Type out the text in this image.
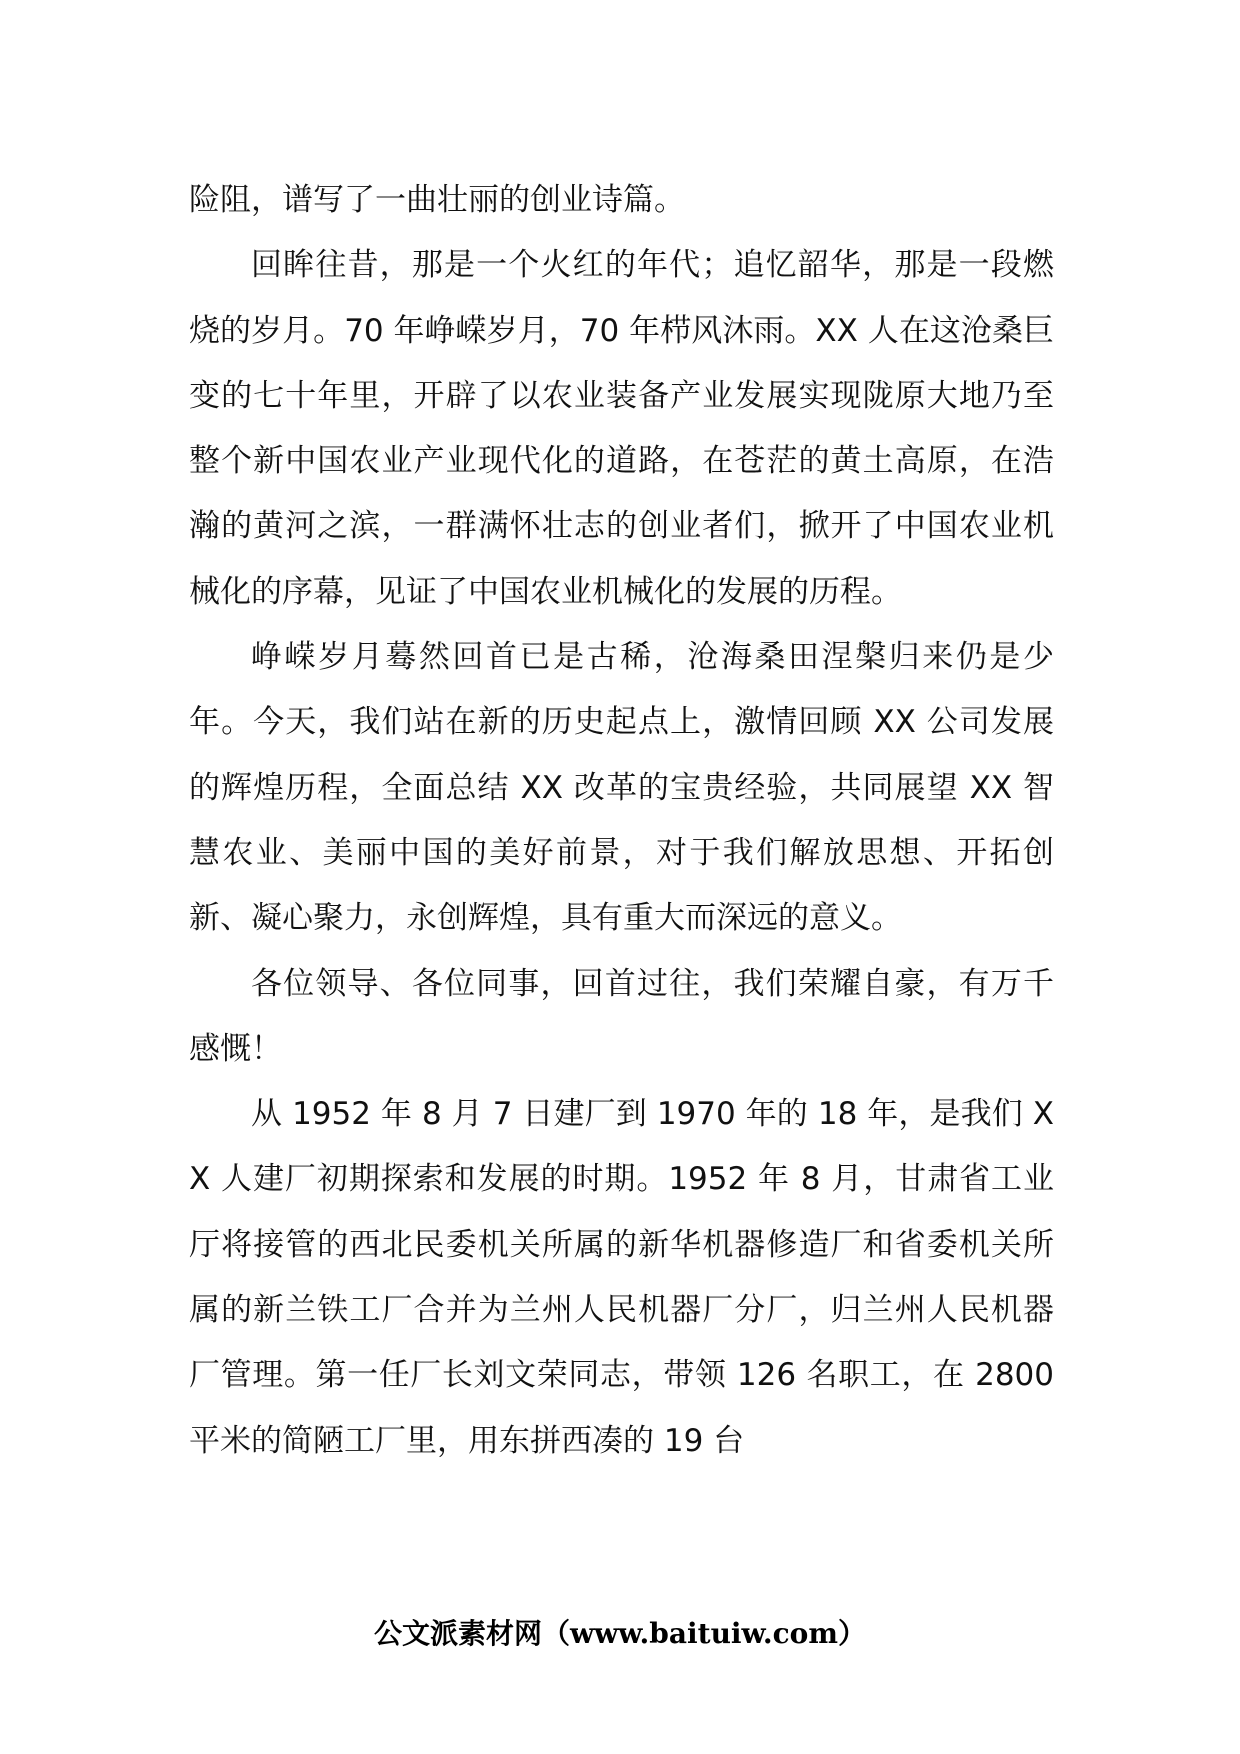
险阻，谱写了一曲壮丽的创业诗篇。

回眸往昔，那是一个火红的年代；追忆韶华，那是一段燃烧的岁月。70 年峥嵘岁月，70 年栉风沐雨。XX 人在这沧桑巨变的七十年里，开辟了以农业装备产业发展实现陇原大地乃至整个新中国农业产业现代化的道路，在苍茫的黄土高原，在浩瀚的黄河之滨，一群满怀壮志的创业者们，掀开了中国农业机械化的序幕，见证了中国农业机械化的发展的历程。

峥嵘岁月蓦然回首已是古稀，沧海桑田涅槃归来仍是少年。今天，我们站在新的历史起点上，激情回顾 XX 公司发展的辉煌历程，全面总结 XX 改革的宝贵经验，共同展望 XX 智慧农业、美丽中国的美好前景，对于我们解放思想、开拓创新、凝心聚力，永创辉煌，具有重大而深远的意义。

各位领导、各位同事，回首过往，我们荣耀自豪，有万千感慨！

从 1952 年 8 月 7 日建厂到 1970 年的 18 年，是我们 XX 人建厂初期探索和发展的时期。1952 年 8 月，甘肃省工业厅将接管的西北民委机关所属的新华机器修造厂和省委机关所属的新兰铁工厂合并为兰州人民机器厂分厂，归兰州人民机器厂管理。第一任厂长刘文荣同志，带领 126 名职工，在 2800 平米的简陋工厂里，用东拼西凑的 19 台

公文派素材网（www.baituiw.com）
